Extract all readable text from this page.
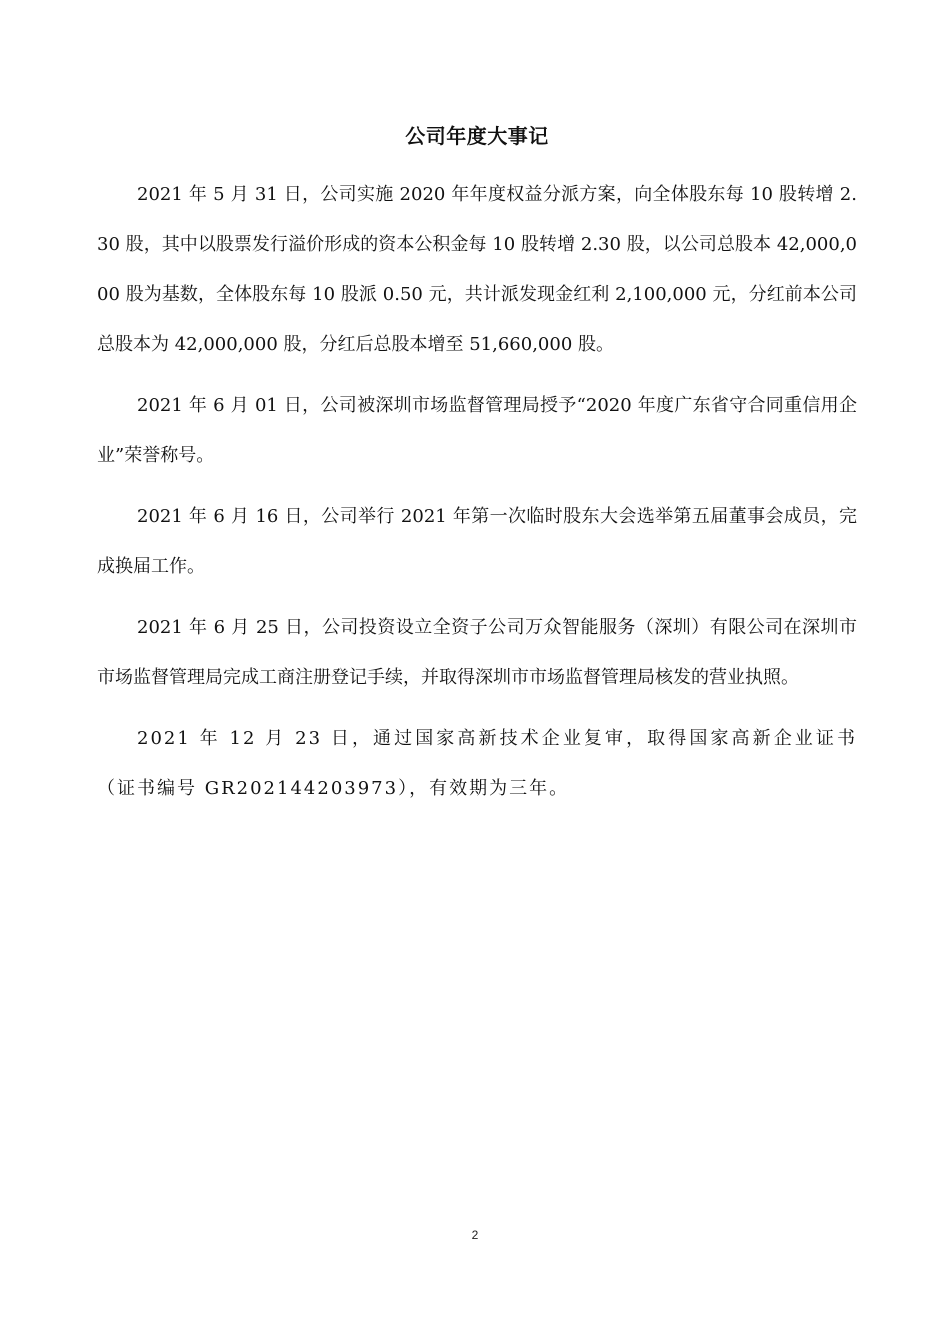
公司年度大事记

2021 年 5 月 31 日，公司实施 2020 年年度权益分派方案，向全体股东每 10 股转增 2.30 股，其中以股票发行溢价形成的资本公积金每 10 股转增 2.30 股，以公司总股本 42,000,000 股为基数，全体股东每 10 股派 0.50 元，共计派发现金红利 2,100,000 元，分红前本公司总股本为 42,000,000 股，分红后总股本增至 51,660,000 股。

2021 年 6 月 01 日，公司被深圳市场监督管理局授予“2020 年度广东省守合同重信用企业”荣誉称号。

2021 年 6 月 16 日，公司举行 2021 年第一次临时股东大会选举第五届董事会成员，完成换届工作。

2021 年 6 月 25 日，公司投资设立全资子公司万众智能服务（深圳）有限公司在深圳市市场监督管理局完成工商注册登记手续，并取得深圳市市场监督管理局核发的营业执照。

2021 年 12 月 23 日，通过国家高新技术企业复审，取得国家高新企业证书（证书编号 GR202144203973），有效期为三年。

2
